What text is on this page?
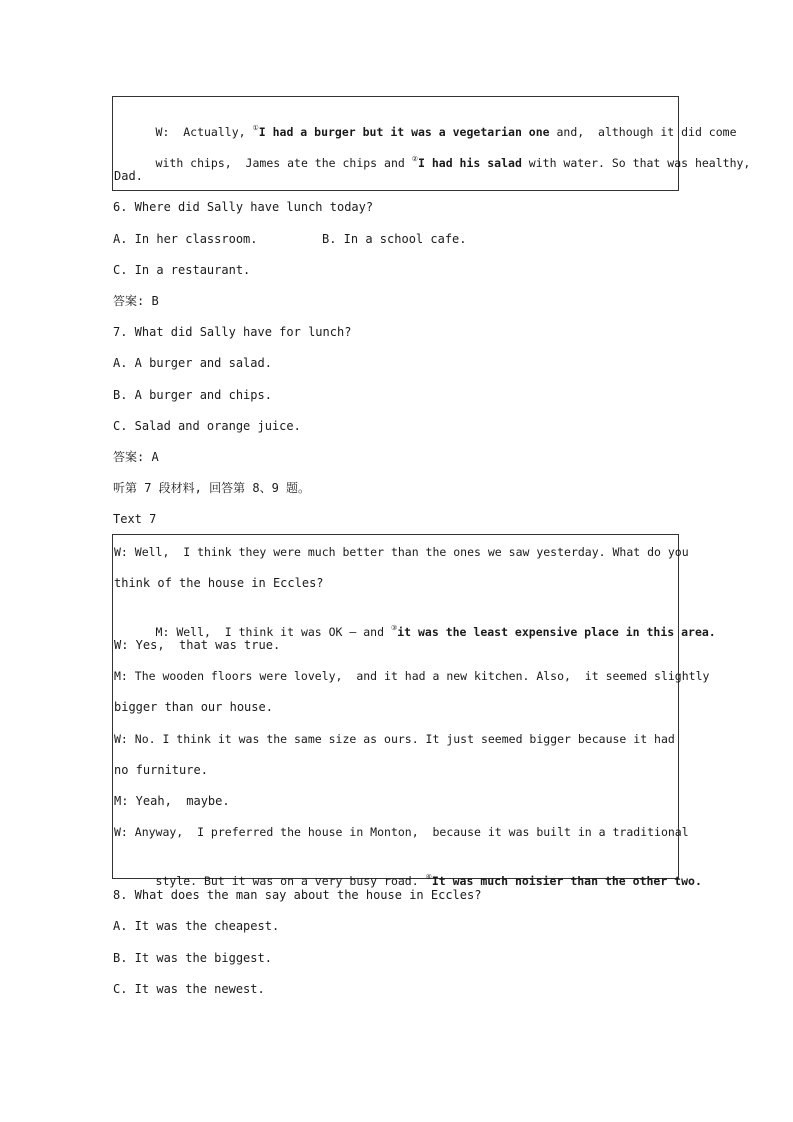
W:  Actually, ①I had a burger but it was a vegetarian one and,  although it did come

with chips,  James ate the chips and ②I had his salad with water. So that was healthy,

Dad.
6. Where did Sally have lunch today?
A. In her classroom.	B. In a school cafe.
C. In a restaurant.
答案: B
7. What did Sally have for lunch?
A. A burger and salad.
B. A burger and chips.
C. Salad and orange juice.
答案: A
听第 7 段材料, 回答第 8、9 题。
Text 7
W: Well,  I think they were much better than the ones we saw yesterday. What do you
think of the house in Eccles?

M: Well,  I think it was OK — and ③it was the least expensive place in this area.

W: Yes,  that was true.
M: The wooden floors were lovely,  and it had a new kitchen. Also,  it seemed slightly
bigger than our house.
W: No. I think it was the same size as ours. It just seemed bigger because it had
no furniture.
M: Yeah,  maybe.
W: Anyway,  I preferred the house in Monton,  because it was built in a traditional

style. But it was on a very busy road. ④It was much noisier than the other two.

8. What does the man say about the house in Eccles?
A. It was the cheapest.
B. It was the biggest.
C. It was the newest.
